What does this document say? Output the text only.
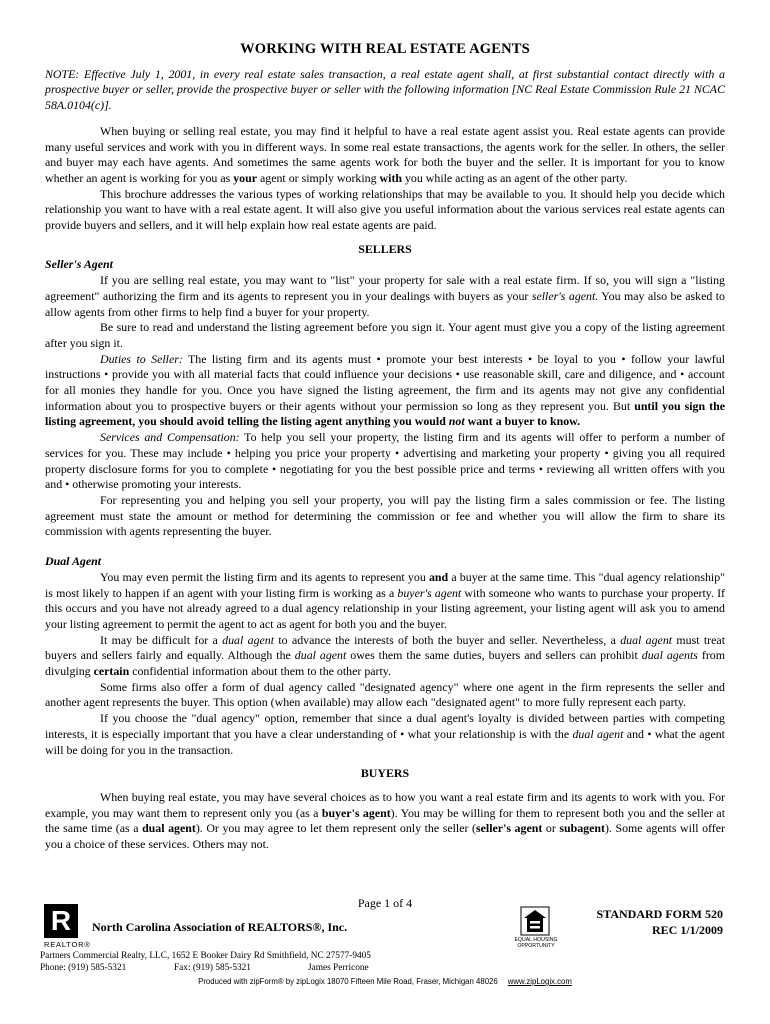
WORKING WITH REAL ESTATE AGENTS

NOTE: Effective July 1, 2001, in every real estate sales transaction, a real estate agent shall, at first substantial contact directly with a prospective buyer or seller, provide the prospective buyer or seller with the following information [NC Real Estate Commission Rule 21 NCAC 58A.0104(c)].

When buying or selling real estate, you may find it helpful to have a real estate agent assist you. Real estate agents can provide many useful services and work with you in different ways. In some real estate transactions, the agents work for the seller. In others, the seller and buyer may each have agents. And sometimes the same agents work for both the buyer and the seller. It is important for you to know whether an agent is working for you as your agent or simply working with you while acting as an agent of the other party.

This brochure addresses the various types of working relationships that may be available to you. It should help you decide which relationship you want to have with a real estate agent. It will also give you useful information about the various services real estate agents can provide buyers and sellers, and it will help explain how real estate agents are paid.

SELLERS
Seller's Agent

If you are selling real estate, you may want to "list" your property for sale with a real estate firm. If so, you will sign a "listing agreement" authorizing the firm and its agents to represent you in your dealings with buyers as your seller's agent. You may also be asked to allow agents from other firms to help find a buyer for your property.

Be sure to read and understand the listing agreement before you sign it. Your agent must give you a copy of the listing agreement after you sign it.

Duties to Seller: The listing firm and its agents must • promote your best interests • be loyal to you • follow your lawful instructions • provide you with all material facts that could influence your decisions • use reasonable skill, care and diligence, and • account for all monies they handle for you. Once you have signed the listing agreement, the firm and its agents may not give any confidential information about you to prospective buyers or their agents without your permission so long as they represent you. But until you sign the listing agreement, you should avoid telling the listing agent anything you would not want a buyer to know.

Services and Compensation: To help you sell your property, the listing firm and its agents will offer to perform a number of services for you. These may include • helping you price your property • advertising and marketing your property • giving you all required property disclosure forms for you to complete • negotiating for you the best possible price and terms • reviewing all written offers with you and • otherwise promoting your interests.

For representing you and helping you sell your property, you will pay the listing firm a sales commission or fee. The listing agreement must state the amount or method for determining the commission or fee and whether you will allow the firm to share its commission with agents representing the buyer.

Dual Agent

You may even permit the listing firm and its agents to represent you and a buyer at the same time. This "dual agency relationship" is most likely to happen if an agent with your listing firm is working as a buyer's agent with someone who wants to purchase your property. If this occurs and you have not already agreed to a dual agency relationship in your listing agreement, your listing agent will ask you to amend your listing agreement to permit the agent to act as agent for both you and the buyer.

It may be difficult for a dual agent to advance the interests of both the buyer and seller. Nevertheless, a dual agent must treat buyers and sellers fairly and equally. Although the dual agent owes them the same duties, buyers and sellers can prohibit dual agents from divulging certain confidential information about them to the other party.

Some firms also offer a form of dual agency called "designated agency" where one agent in the firm represents the seller and another agent represents the buyer. This option (when available) may allow each "designated agent" to more fully represent each party.

If you choose the "dual agency" option, remember that since a dual agent's loyalty is divided between parties with competing interests, it is especially important that you have a clear understanding of • what your relationship is with the dual agent and • what the agent will be doing for you in the transaction.

BUYERS

When buying real estate, you may have several choices as to how you want a real estate firm and its agents to work with you. For example, you may want them to represent only you (as a buyer's agent). You may be willing for them to represent both you and the seller at the same time (as a dual agent). Or you may agree to let them represent only the seller (seller's agent or subagent). Some agents will offer you a choice of these services. Others may not.

Page 1 of 4
R
REALTOR®
North Carolina Association of REALTORS®, Inc.
EQUAL HOUSING OPPORTUNITY
STANDARD FORM 520
REC 1/1/2009
Partners Commercial Realty, LLC, 1652 E Booker Dairy Rd Smithfield, NC 27577-9405
Phone: (919) 585-5321	Fax: (919) 585-5321	James Perricone
Produced with zipForm® by zipLogix 18070 Fifteen Mile Road, Fraser, Michigan 48026 www.zipLogix.com
